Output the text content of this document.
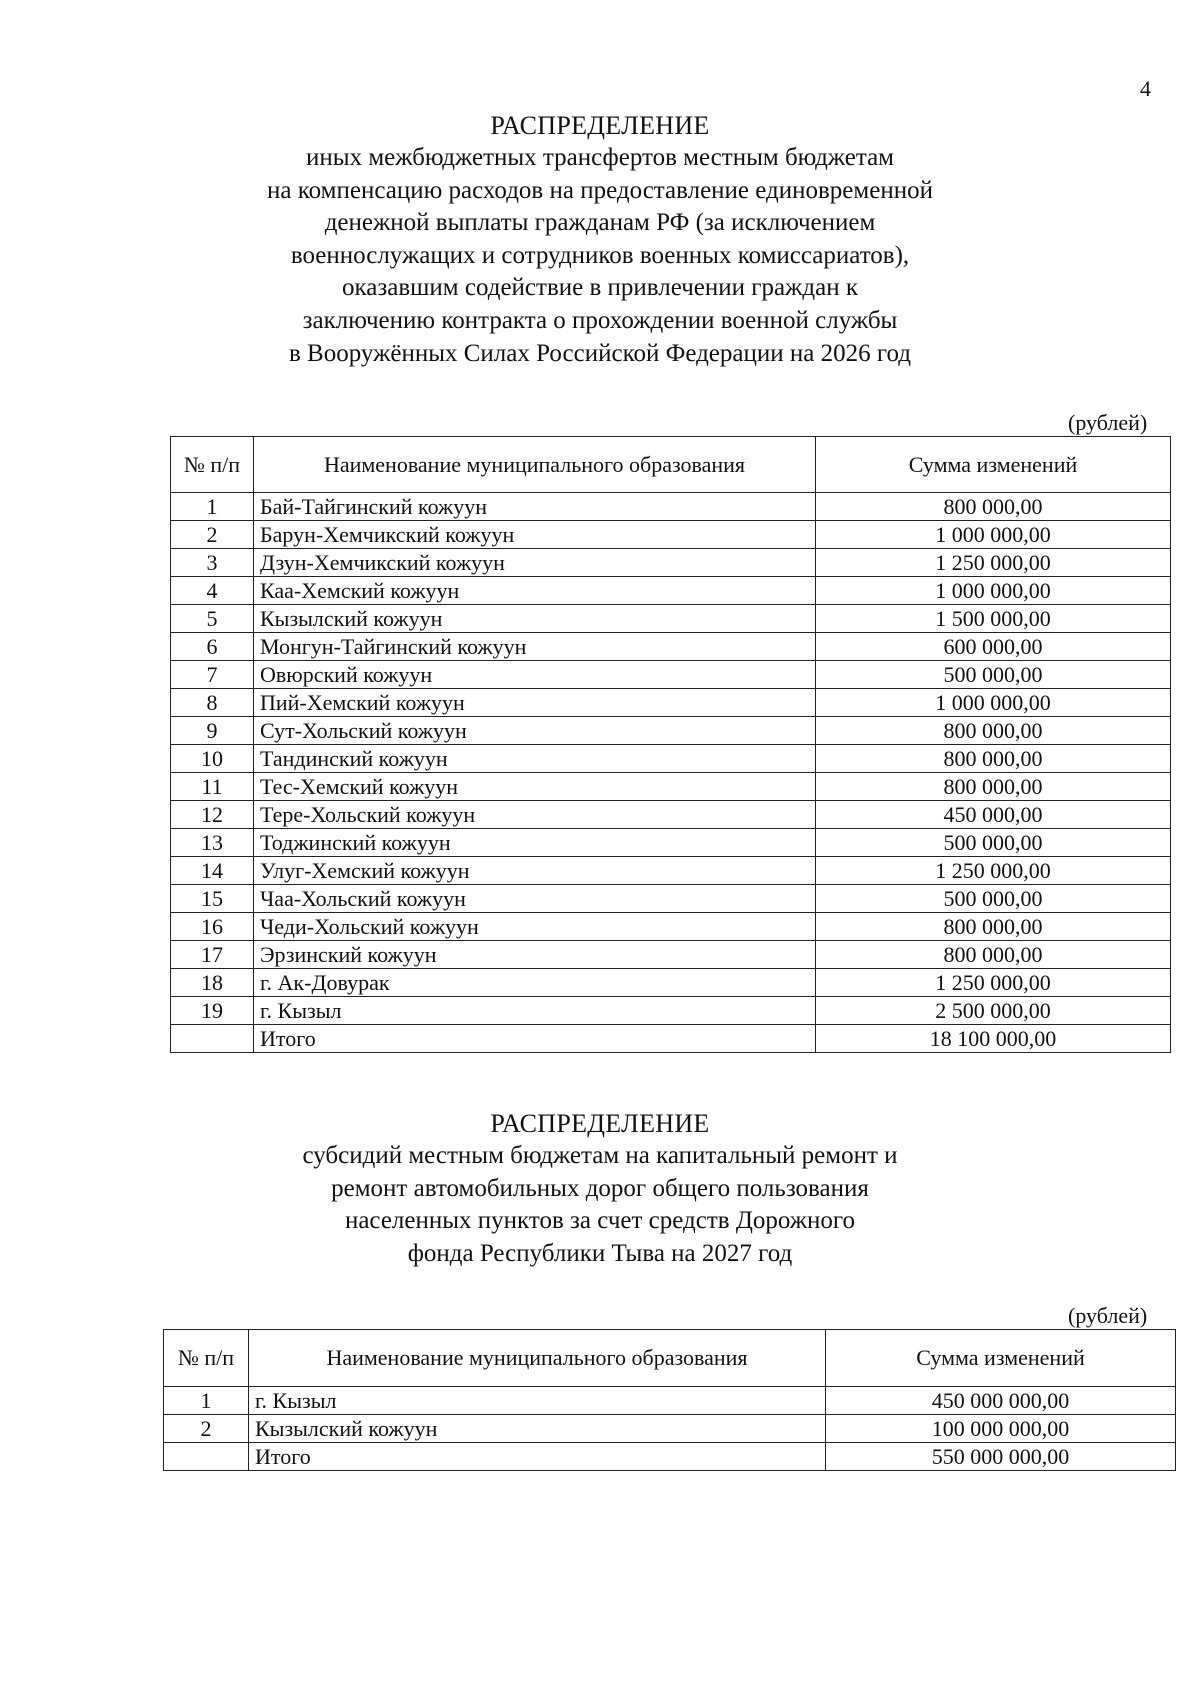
4
РАСПРЕДЕЛЕНИЕ
иных межбюджетных трансфертов местным бюджетам
на компенсацию расходов на предоставление единовременной
денежной выплаты гражданам РФ (за исключением
военнослужащих и сотрудников военных комиссариатов),
оказавшим содействие в привлечении граждан к
заключению контракта о прохождении военной службы
в Вооружённых Силах Российской Федерации на 2026 год
(рублей)
№ п/п	Наименование муниципального образования	Сумма изменений
1	Бай-Тайгинский кожуун	800 000,00
2	Барун-Хемчикский кожуун	1 000 000,00
3	Дзун-Хемчикский кожуун	1 250 000,00
4	Каа-Хемский кожуун	1 000 000,00
5	Кызылский кожуун	1 500 000,00
6	Монгун-Тайгинский кожуун	600 000,00
7	Овюрский кожуун	500 000,00
8	Пий-Хемский кожуун	1 000 000,00
9	Сут-Хольский кожуун	800 000,00
10	Тандинский кожуун	800 000,00
11	Тес-Хемский кожуун	800 000,00
12	Тере-Хольский кожуун	450 000,00
13	Тоджинский кожуун	500 000,00
14	Улуг-Хемский кожуун	1 250 000,00
15	Чаа-Хольский кожуун	500 000,00
16	Чеди-Хольский кожуун	800 000,00
17	Эрзинский кожуун	800 000,00
18	г. Ак-Довурак	1 250 000,00
19	г. Кызыл	2 500 000,00
	Итого	18 100 000,00
РАСПРЕДЕЛЕНИЕ
субсидий местным бюджетам на капитальный ремонт и
ремонт автомобильных дорог общего пользования
населенных пунктов за счет средств Дорожного
фонда Республики Тыва на 2027 год
(рублей)
№ п/п	Наименование муниципального образования	Сумма изменений
1	г. Кызыл	450 000 000,00
2	Кызылский кожуун	100 000 000,00
	Итого	550 000 000,00
